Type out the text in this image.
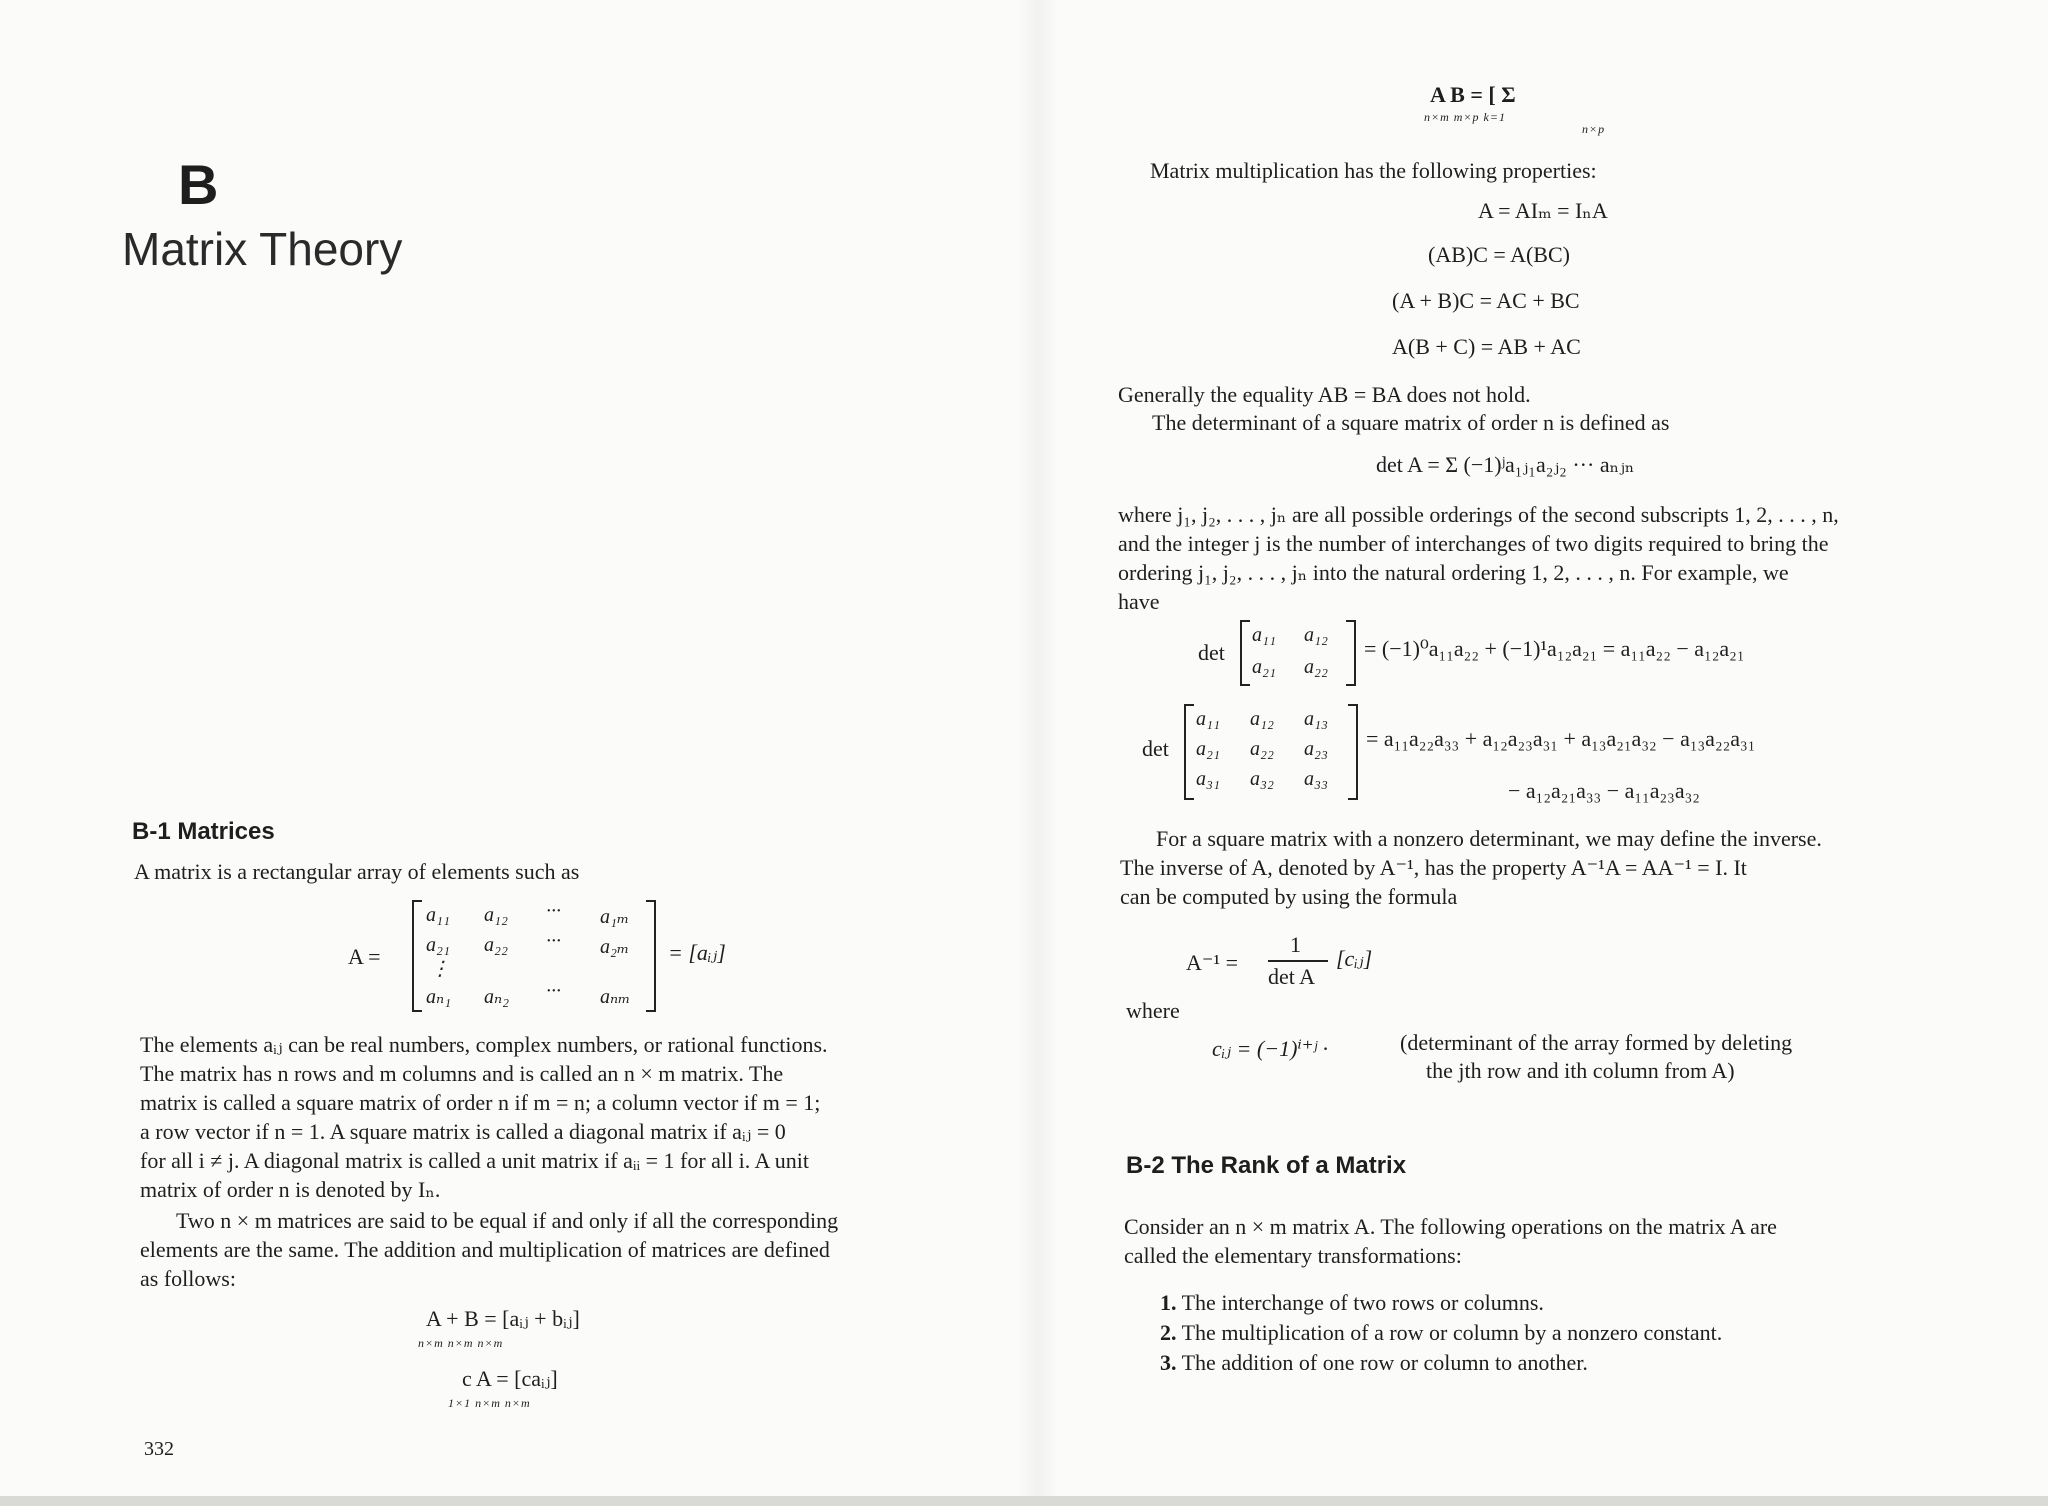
B
Matrix Theory
B-1 Matrices
A matrix is a rectangular array of elements such as
A =
a₁₁ a₁₂ ··· a₁ₘ
a₂₁ a₂₂ ··· a₂ₘ
⋮
aₙ₁ aₙ₂ ··· aₙₘ
= [aᵢⱼ]

The elements aᵢⱼ can be real numbers, complex numbers, or rational functions.

The matrix has n rows and m columns and is called an n × m matrix. The

matrix is called a square matrix of order n if m = n; a column vector if m = 1;

a row vector if n = 1. A square matrix is called a diagonal matrix if aᵢⱼ = 0

for all i ≠ j. A diagonal matrix is called a unit matrix if aᵢᵢ = 1 for all i. A unit

matrix of order n is denoted by Iₙ.

Two n × m matrices are said to be equal if and only if all the corresponding

elements are the same. The addition and multiplication of matrices are defined

as follows:

A + B = [aᵢⱼ + bᵢⱼ]
n×m n×m n×m
c A = [caᵢⱼ]
1×1 n×m n×m
332
A B = [ Σ
n×m m×p k=1
n×p
Matrix multiplication has the following properties:
A = AIₘ = IₙA
(AB)C = A(BC)
(A + B)C = AC + BC
A(B + C) = AB + AC
Generally the equality AB = BA does not hold.
The determinant of a square matrix of order n is defined as
det A = Σ (−1)ʲa₁ⱼ₁a₂ⱼ₂ ··· aₙⱼₙ

where j₁, j₂, . . . , jₙ are all possible orderings of the second subscripts 1, 2, . . . , n,

and the integer j is the number of interchanges of two digits required to bring the

ordering j₁, j₂, . . . , jₙ into the natural ordering 1, 2, . . . , n. For example, we

have

det
a₁₁ a₁₂
a₂₁ a₂₂
= (−1)⁰a₁₁a₂₂ + (−1)¹a₁₂a₂₁ = a₁₁a₂₂ − a₁₂a₂₁
det
a₁₁ a₁₂ a₁₃
a₂₁ a₂₂ a₂₃
a₃₁ a₃₂ a₃₃
= a₁₁a₂₂a₃₃ + a₁₂a₂₃a₃₁ + a₁₃a₂₁a₃₂ − a₁₃a₂₂a₃₁
− a₁₂a₂₁a₃₃ − a₁₁a₂₃a₃₂

For a square matrix with a nonzero determinant, we may define the inverse.

The inverse of A, denoted by A⁻¹, has the property A⁻¹A = AA⁻¹ = I. It

can be computed by using the formula

A⁻¹ =
1
det A
[cᵢⱼ]
where
cᵢⱼ = (−1)ⁱ⁺ʲ ·	(determinant of the array formed by deleting
the jth row and ith column from A)
B-2 The Rank of a Matrix

Consider an n × m matrix A. The following operations on the matrix A are

called the elementary transformations:

1. The interchange of two rows or columns.
2. The multiplication of a row or column by a nonzero constant.
3. The addition of one row or column to another.
